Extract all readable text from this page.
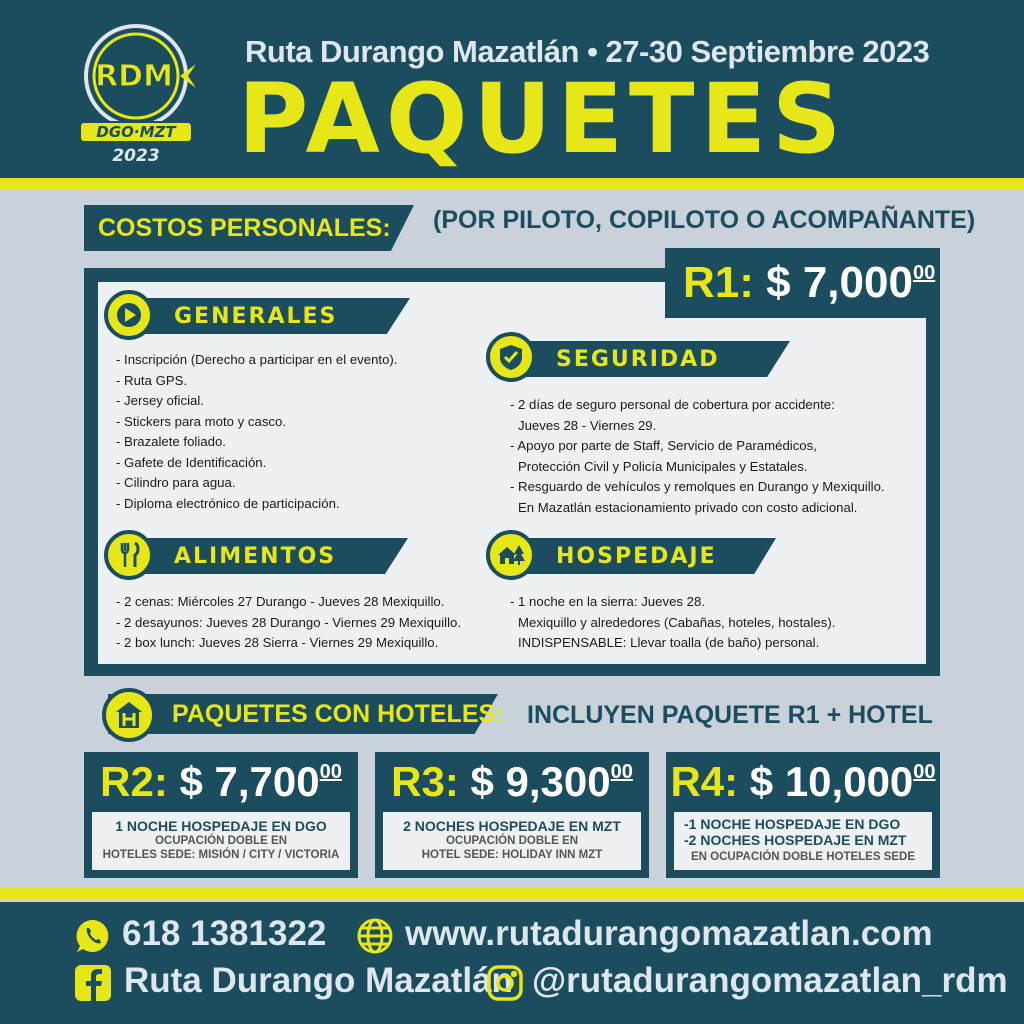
RDM
DGO·MZT
2023
Ruta Durango Mazatlán • 27-30 Septiembre 2023
PAQUETES
COSTOS PERSONALES: (POR PILOTO, COPILOTO O ACOMPAÑANTE)
R1: $ 7,000$^{00}$
GENERALES
- Inscripción (Derecho a participar en el evento).
- Ruta GPS.
- Jersey oficial.
- Stickers para moto y casco.
- Brazalete foliado.
- Gafete de Identificación.
- Cilindro para agua.
- Diploma electrónico de participación.
SEGURIDAD
- 2 días de seguro personal de cobertura por accidente:
Jueves 28 - Viernes 29.
- Apoyo por parte de Staff, Servicio de Paramédicos,
Protección Civil y Policía Municipales y Estatales.
- Resguardo de vehículos y remolques en Durango y Mexiquillo.
En Mazatlán estacionamiento privado con costo adicional.
ALIMENTOS
- 2 cenas: Miércoles 27 Durango - Jueves 28 Mexiquillo.
- 2 desayunos: Jueves 28 Durango - Viernes 29 Mexiquillo.
- 2 box lunch: Jueves 28 Sierra - Viernes 29 Mexiquillo.
HOSPEDAJE
- 1 noche en la sierra: Jueves 28.
Mexiquillo y alrededores (Cabañas, hoteles, hostales).
INDISPENSABLE: Llevar toalla (de baño) personal.
PAQUETES CON HOTELES: INCLUYEN PAQUETE R1 + HOTEL
R2: $ 7,700$^{00}$
1 NOCHE HOSPEDAJE EN DGO
OCUPACIÓN DOBLE EN
HOTELES SEDE: MISIÓN / CITY / VICTORIA
R3: $ 9,300$^{00}$
2 NOCHES HOSPEDAJE EN MZT
OCUPACIÓN DOBLE EN
HOTEL SEDE: HOLIDAY INN MZT
R4: $ 10,000$^{00}$
-1 NOCHE HOSPEDAJE EN DGO
-2 NOCHES HOSPEDAJE EN MZT
EN OCUPACIÓN DOBLE HOTELES SEDE
618 1381322 www.rutadurangomazatlan.com
Ruta Durango Mazatlán @rutadurangomazatlan_rdm
